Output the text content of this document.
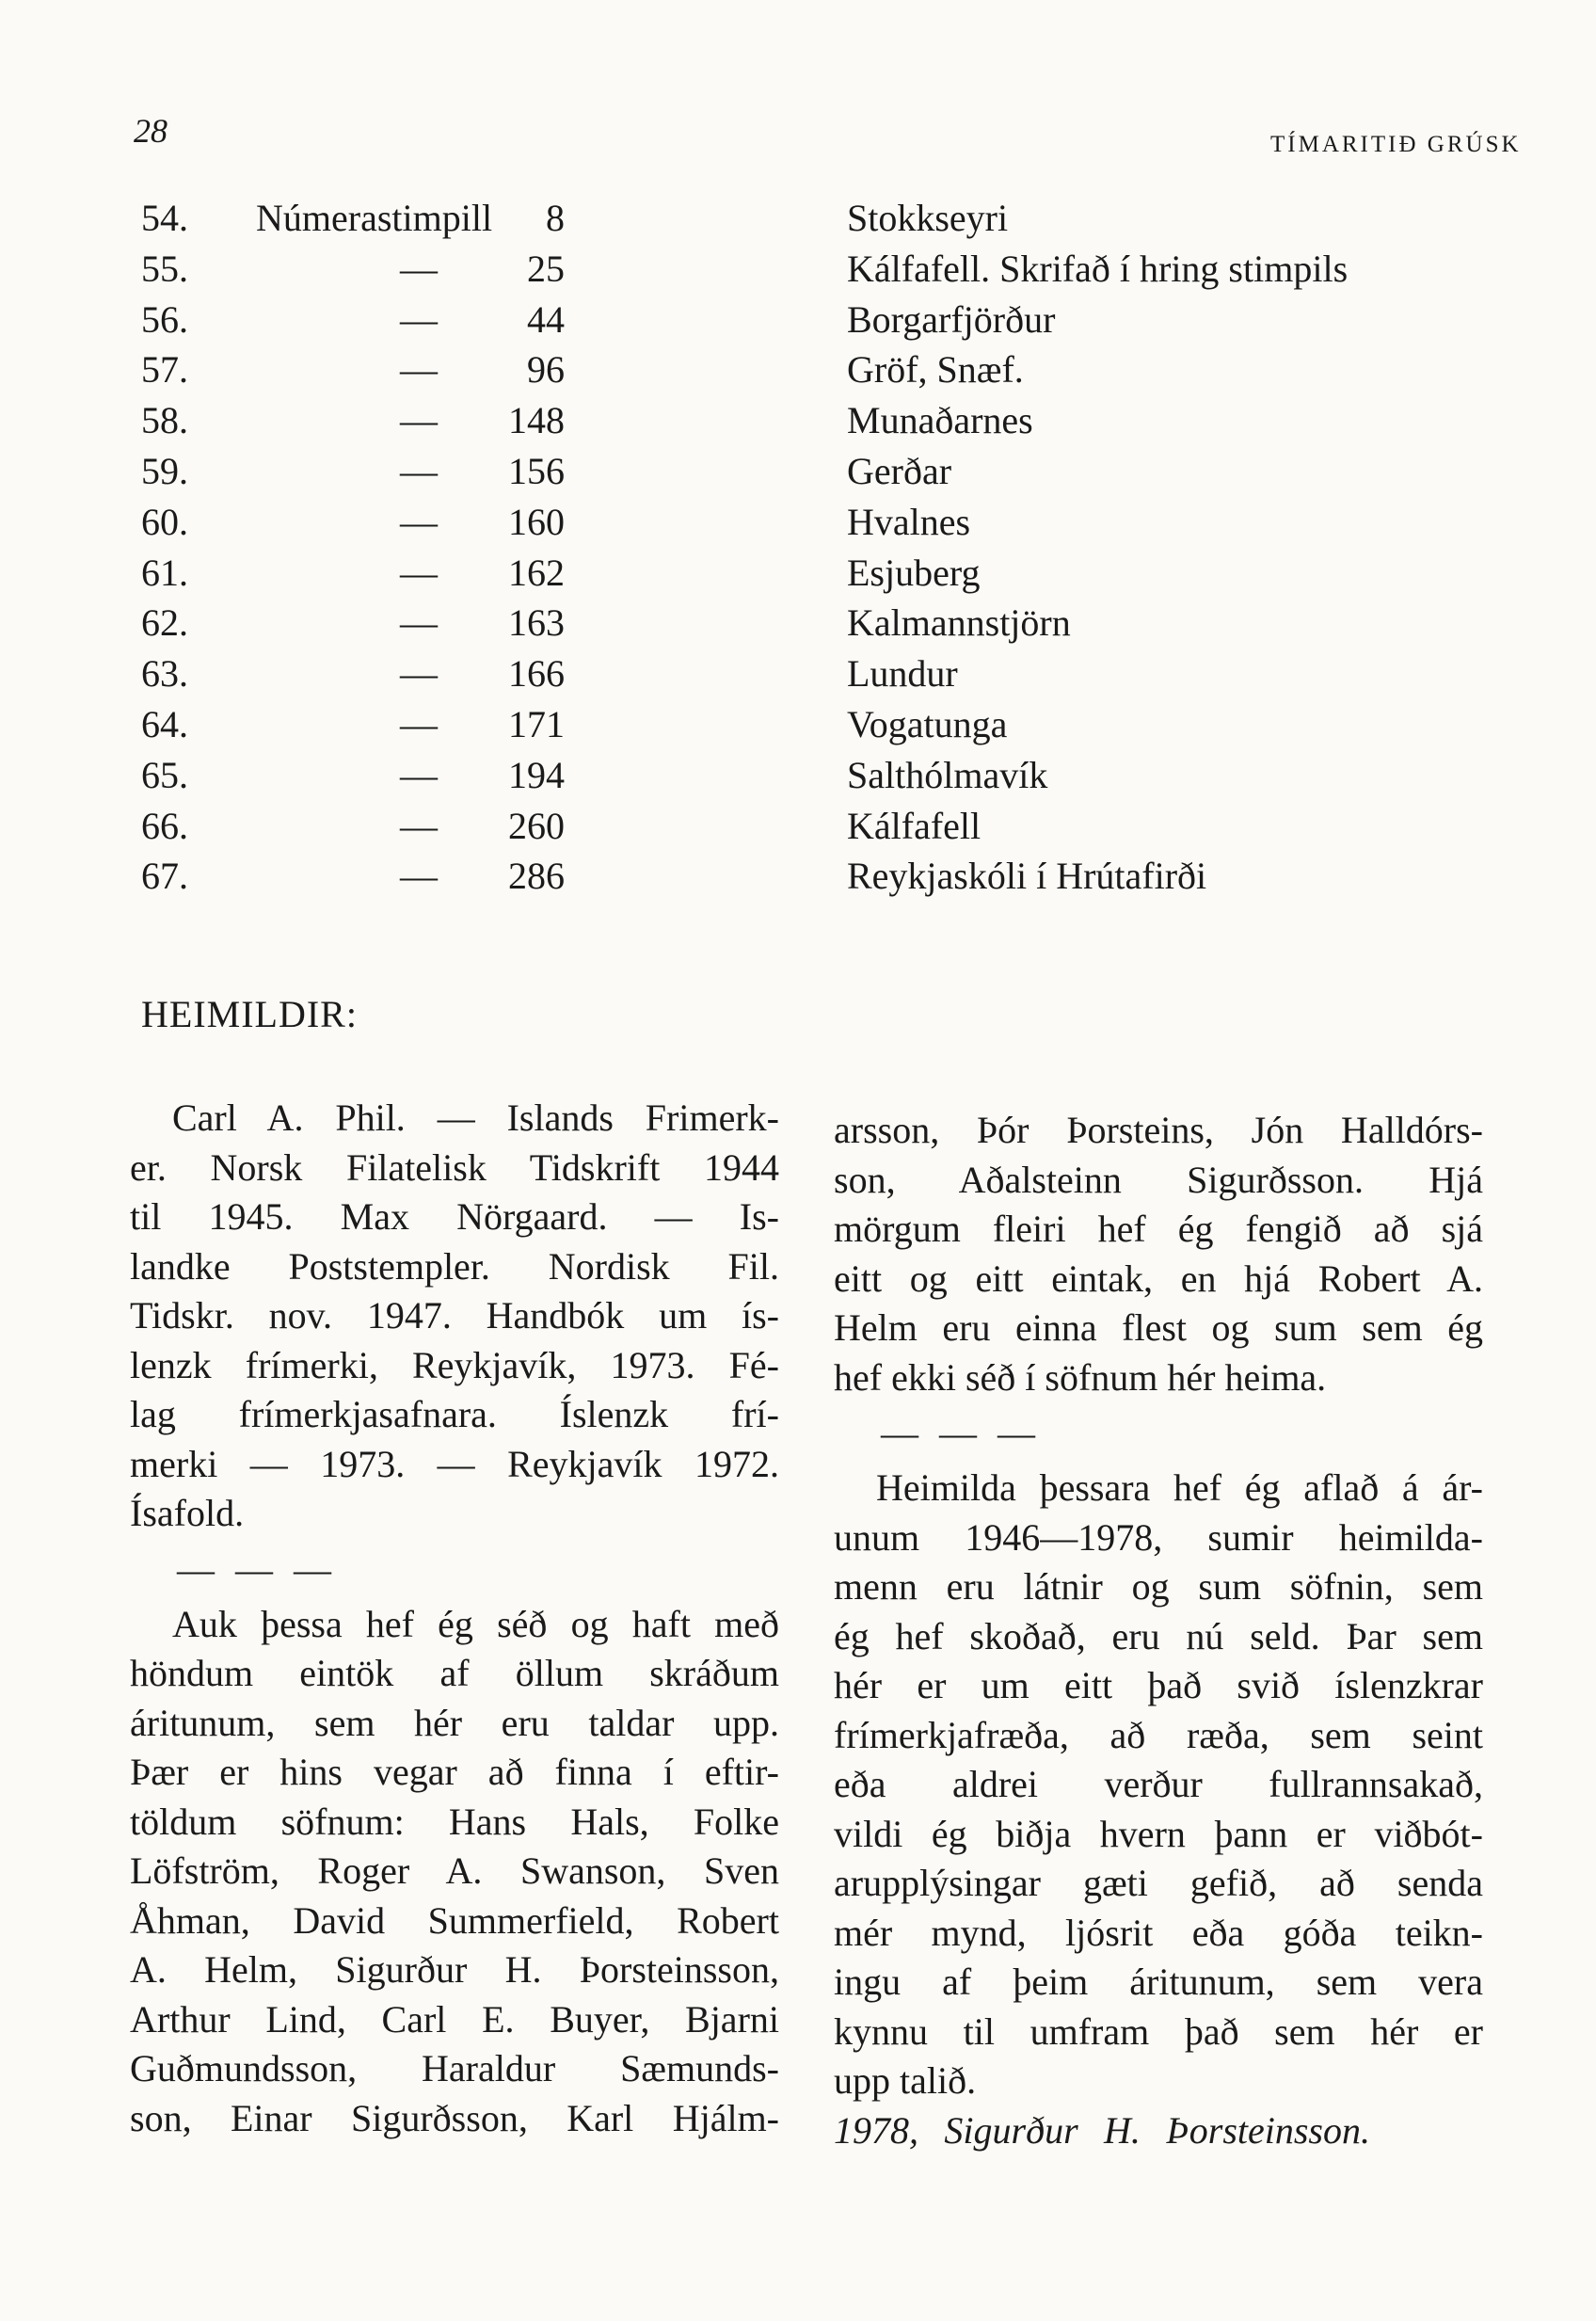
28	TÍMARITIÐ GRÚSK
54. Númerastimpill 8	Stokkseyri
55.	—	25	Kálfafell. Skrifað í hring stimpils
56.	—	44	Borgarfjörður
57.	—	96	Gröf, Snæf.
58.	—	148	Munaðarnes
59.	—	156	Gerðar
60.	—	160	Hvalnes
61.	—	162	Esjuberg
62.	—	163	Kalmannstjörn
63.	—	166	Lundur
64.	—	171	Vogatunga
65.	—	194	Salthólmavík
66.	—	260	Kálfafell
67.	—	286	Reykjaskóli í Hrútafirði
HEIMILDIR:
Carl A. Phil. — Islands Frimerk-
er. Norsk Filatelisk Tidskrift 1944
til 1945. Max Nörgaard. — Is-
landke Poststempler. Nordisk Fil.
Tidskr. nov. 1947. Handbók um ís-
lenzk frímerki, Reykjavík, 1973. Fé-
lag frímerkjasafnara. Íslenzk frí-
merki — 1973. — Reykjavík 1972.
Ísafold.
— — —
Auk þessa hef ég séð og haft með
höndum eintök af öllum skráðum
áritunum, sem hér eru taldar upp.
Þær er hins vegar að finna í eftir-
töldum söfnum: Hans Hals, Folke
Löfström, Roger A. Swanson, Sven
Åhman, David Summerfield, Robert
A. Helm, Sigurður H. Þorsteinsson,
Arthur Lind, Carl E. Buyer, Bjarni
Guðmundsson, Haraldur Sæmunds-
son, Einar Sigurðsson, Karl Hjálm-
arsson, Þór Þorsteins, Jón Halldórs-
son, Aðalsteinn Sigurðsson. Hjá
mörgum fleiri hef ég fengið að sjá
eitt og eitt eintak, en hjá Robert A.
Helm eru einna flest og sum sem ég
hef ekki séð í söfnum hér heima.
— — —
Heimilda þessara hef ég aflað á ár-
unum 1946—1978, sumir heimilda-
menn eru látnir og sum söfnin, sem
ég hef skoðað, eru nú seld. Þar sem
hér er um eitt það svið íslenzkrar
frímerkjafræða, að ræða, sem seint
eða aldrei verður fullrannsakað,
vildi ég biðja hvern þann er viðbót-
arupplýsingar gæti gefið, að senda
mér mynd, ljósrit eða góða teikn-
ingu af þeim áritunum, sem vera
kynnu til umfram það sem hér er
upp talið.
1978, Sigurður H. Þorsteinsson.
